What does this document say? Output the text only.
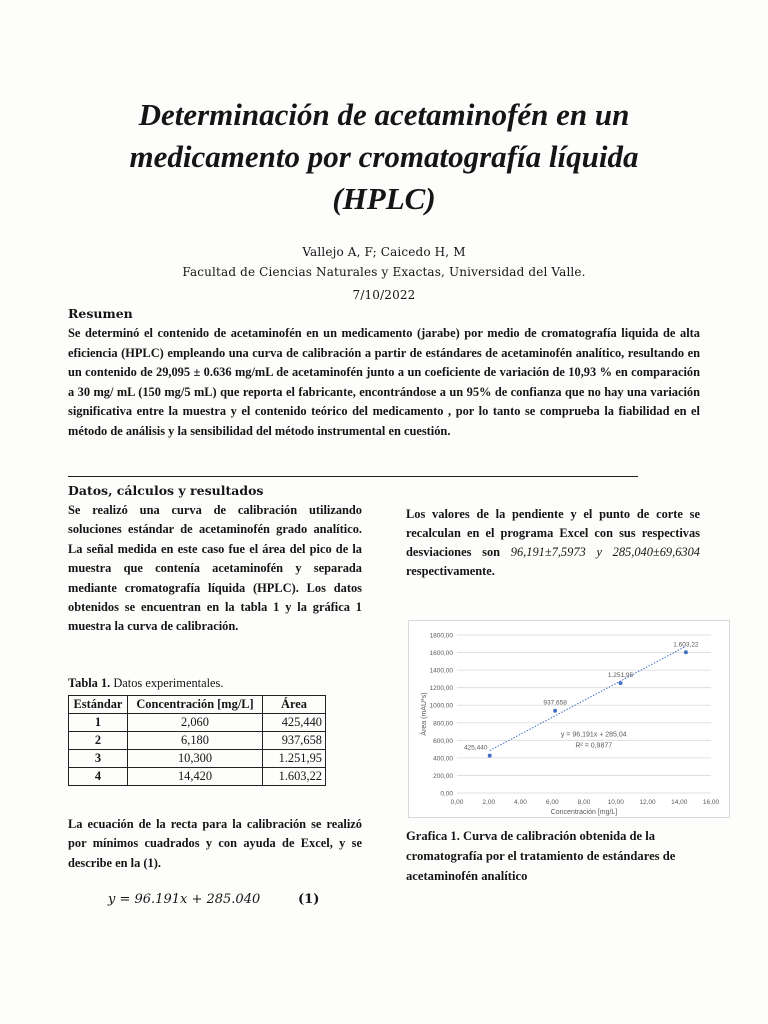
Determinación de acetaminofén en un
medicamento por cromatografía líquida
(HPLC)
Vallejo A, F; Caicedo H, M
Facultad de Ciencias Naturales y Exactas, Universidad del Valle.
7/10/2022
Resumen

Se determinó el contenido de acetaminofén en un medicamento (jarabe) por medio de cromatografía liquida de alta eficiencia (HPLC) empleando una curva de calibración a partir de estándares de acetaminofén analítico, resultando en un contenido de 29,095 ± 0.636 mg/mL de acetaminofén junto a un coeficiente de variación de 10,93 % en comparación a 30 mg/ mL (150 mg/5 mL) que reporta el fabricante, encontrándose a un 95% de confianza que no hay una variación significativa entre la muestra y el contenido teórico del medicamento , por lo tanto se comprueba la fiabilidad en el método de análisis y la sensibilidad del método instrumental en cuestión.

Datos, cálculos y resultados

Se realizó una curva de calibración utilizando soluciones estándar de acetaminofén grado analítico. La señal medida en este caso fue el área del pico de la muestra que contenía acetaminofén y separada mediante cromatografía líquida (HPLC). Los datos obtenidos se encuentran en la tabla 1 y la gráfica 1 muestra la curva de calibración.

Tabla 1. Datos experimentales.

Estándar	Concentración [mg/L]	Área
1	2,060	425,440
2	6,180	937,658
3	10,300	1.251,95
4	14,420	1.603,22

La ecuación de la recta para la calibración se realizó por mínimos cuadrados y con ayuda de Excel, y se describe en la (1).

y = 96.191x + 285.040	(1)

Los valores de la pendiente y el punto de corte se recalculan en el programa Excel con sus respectivas desviaciones son 96,191±7,5973 y 285,040±69,6304 respectivamente.

0,00
200,00
400,00
600,00
800,00
1000,00
1200,00
1400,00
1600,00
1800,00
0,00	2,00	4,00	6,00	8,00	10,00 12,00 14,00 16,00
Concentración [mg/L]
Área (mAU*s)
425,440
937,658
1.251,95
1.603,22
y = 96,191x + 285,04
R² = 0,9877

Grafica 1. Curva de calibración obtenida de la cromatografía por el tratamiento de estándares de acetaminofén analítico
